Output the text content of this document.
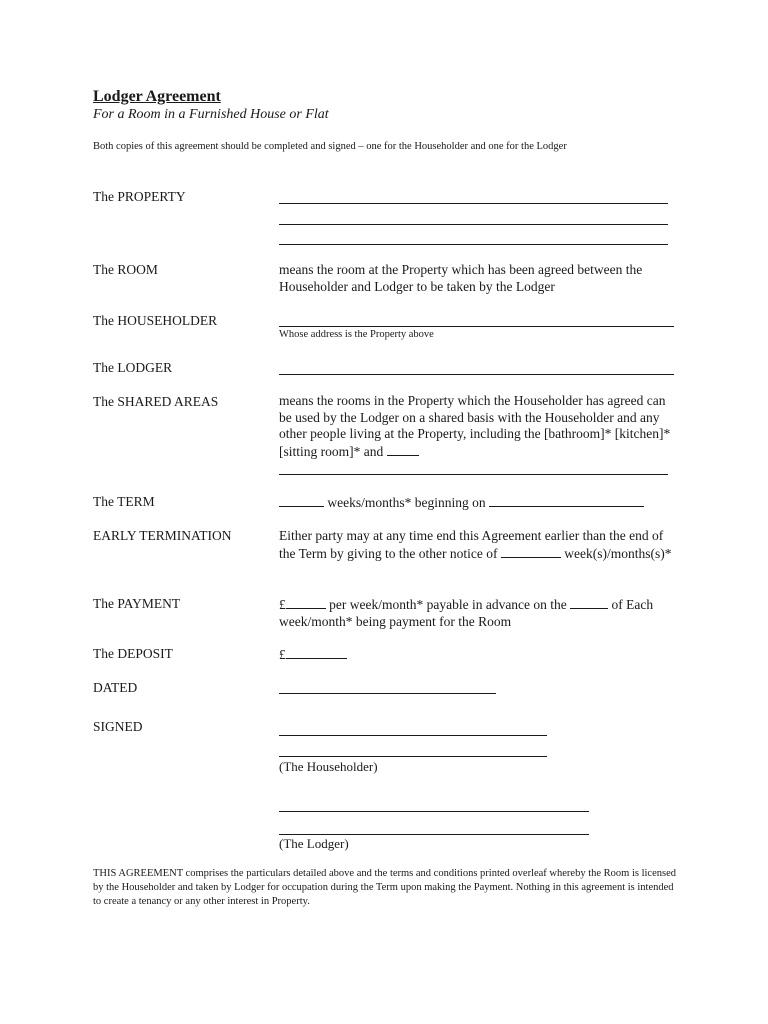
Lodger Agreement

For a Room in a Furnished House or Flat

Both copies of this agreement should be completed and signed – one for the Householder and one for the Lodger

The PROPERTY
The ROOM	means the room at the Property which has been agreed between the Householder and Lodger to be taken by the Lodger
The HOUSEHOLDER
Whose address is the Property above
The LODGER
The SHARED AREAS	means the rooms in the Property which the Householder has agreed can be used by the Lodger on a shared basis with the Householder and any other people living at the Property, including the [bathroom]* [kitchen]*[sitting room]* and
The TERM	weeks/months* beginning on
EARLY TERMINATION	Either party may at any time end this Agreement earlier than the end of the Term by giving to the other notice of	week(s)/months(s)*
The PAYMENT	£	per week/month* payable in advance on the	of Each week/month* being payment for the Room
The DEPOSIT	£
DATED
SIGNED
(The Householder)
(The Lodger)

THIS AGREEMENT comprises the particulars detailed above and the terms and conditions printed overleaf whereby the Room is licensed by the Householder and taken by Lodger for occupation during the Term upon making the Payment. Nothing in this agreement is intended to create a tenancy or any other interest in Property.
